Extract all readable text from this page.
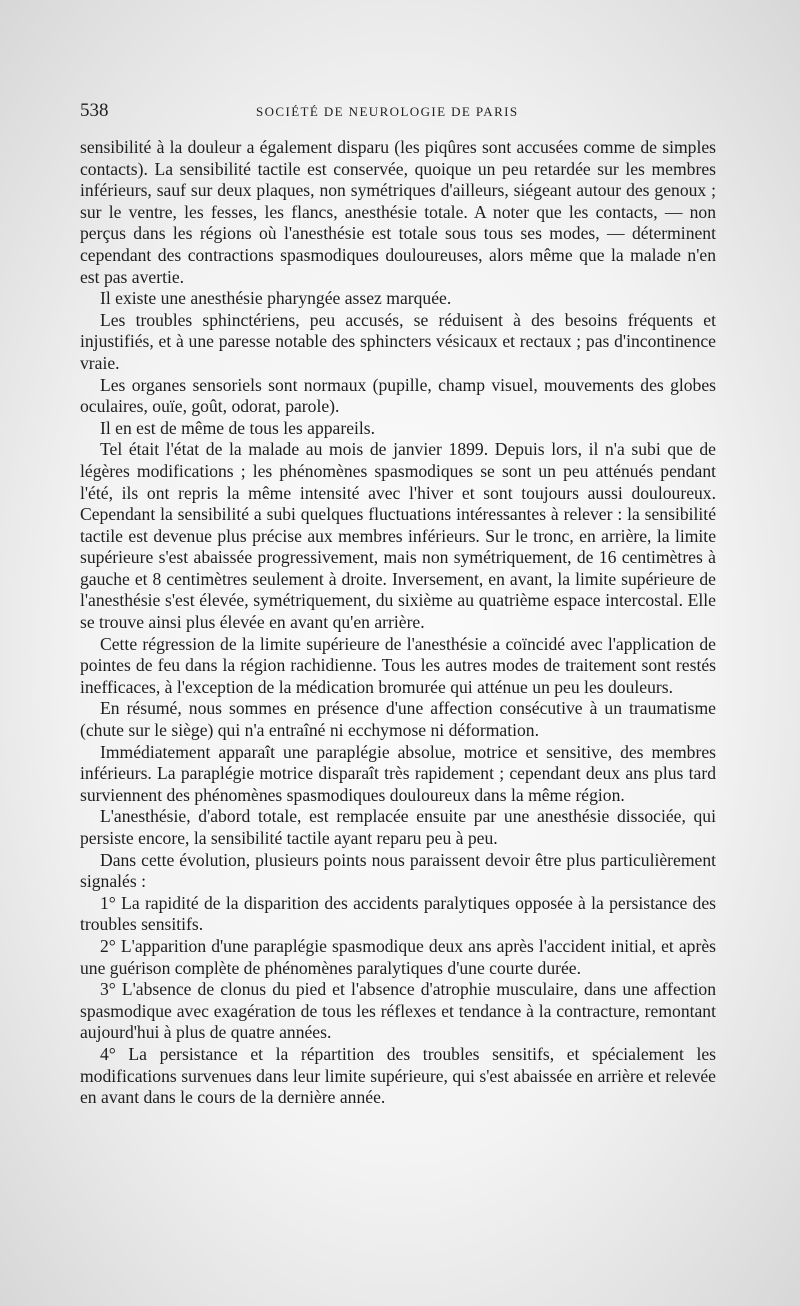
538	SOCIÉTÉ DE NEUROLOGIE DE PARIS

sensibilité à la douleur a également disparu (les piqûres sont accusées comme de simples contacts). La sensibilité tactile est conservée, quoique un peu retardée sur les membres inférieurs, sauf sur deux plaques, non symétriques d'ailleurs, siégeant autour des genoux ; sur le ventre, les fesses, les flancs, anesthésie totale. A noter que les contacts, — non perçus dans les régions où l'anesthésie est totale sous tous ses modes, — déterminent cependant des contractions spasmodiques douloureuses, alors même que la malade n'en est pas avertie.

Il existe une anesthésie pharyngée assez marquée.

Les troubles sphinctériens, peu accusés, se réduisent à des besoins fréquents et injustifiés, et à une paresse notable des sphincters vésicaux et rectaux ; pas d'incontinence vraie.

Les organes sensoriels sont normaux (pupille, champ visuel, mouvements des globes oculaires, ouïe, goût, odorat, parole).

Il en est de même de tous les appareils.

Tel était l'état de la malade au mois de janvier 1899. Depuis lors, il n'a subi que de légères modifications ; les phénomènes spasmodiques se sont un peu atténués pendant l'été, ils ont repris la même intensité avec l'hiver et sont toujours aussi douloureux. Cependant la sensibilité a subi quelques fluctuations intéressantes à relever : la sensibilité tactile est devenue plus précise aux membres inférieurs. Sur le tronc, en arrière, la limite supérieure s'est abaissée progressivement, mais non symétriquement, de 16 centimètres à gauche et 8 centimètres seulement à droite. Inversement, en avant, la limite supérieure de l'anesthésie s'est élevée, symétriquement, du sixième au quatrième espace intercostal. Elle se trouve ainsi plus élevée en avant qu'en arrière.

Cette régression de la limite supérieure de l'anesthésie a coïncidé avec l'application de pointes de feu dans la région rachidienne. Tous les autres modes de traitement sont restés inefficaces, à l'exception de la médication bromurée qui atténue un peu les douleurs.

En résumé, nous sommes en présence d'une affection consécutive à un traumatisme (chute sur le siège) qui n'a entraîné ni ecchymose ni déformation.

Immédiatement apparaît une paraplégie absolue, motrice et sensitive, des membres inférieurs. La paraplégie motrice disparaît très rapidement ; cependant deux ans plus tard surviennent des phénomènes spasmodiques douloureux dans la même région.

L'anesthésie, d'abord totale, est remplacée ensuite par une anesthésie dissociée, qui persiste encore, la sensibilité tactile ayant reparu peu à peu.

Dans cette évolution, plusieurs points nous paraissent devoir être plus particulièrement signalés :

1° La rapidité de la disparition des accidents paralytiques opposée à la persistance des troubles sensitifs.

2° L'apparition d'une paraplégie spasmodique deux ans après l'accident initial, et après une guérison complète de phénomènes paralytiques d'une courte durée.

3° L'absence de clonus du pied et l'absence d'atrophie musculaire, dans une affection spasmodique avec exagération de tous les réflexes et tendance à la contracture, remontant aujourd'hui à plus de quatre années.

4° La persistance et la répartition des troubles sensitifs, et spécialement les modifications survenues dans leur limite supérieure, qui s'est abaissée en arrière et relevée en avant dans le cours de la dernière année.
